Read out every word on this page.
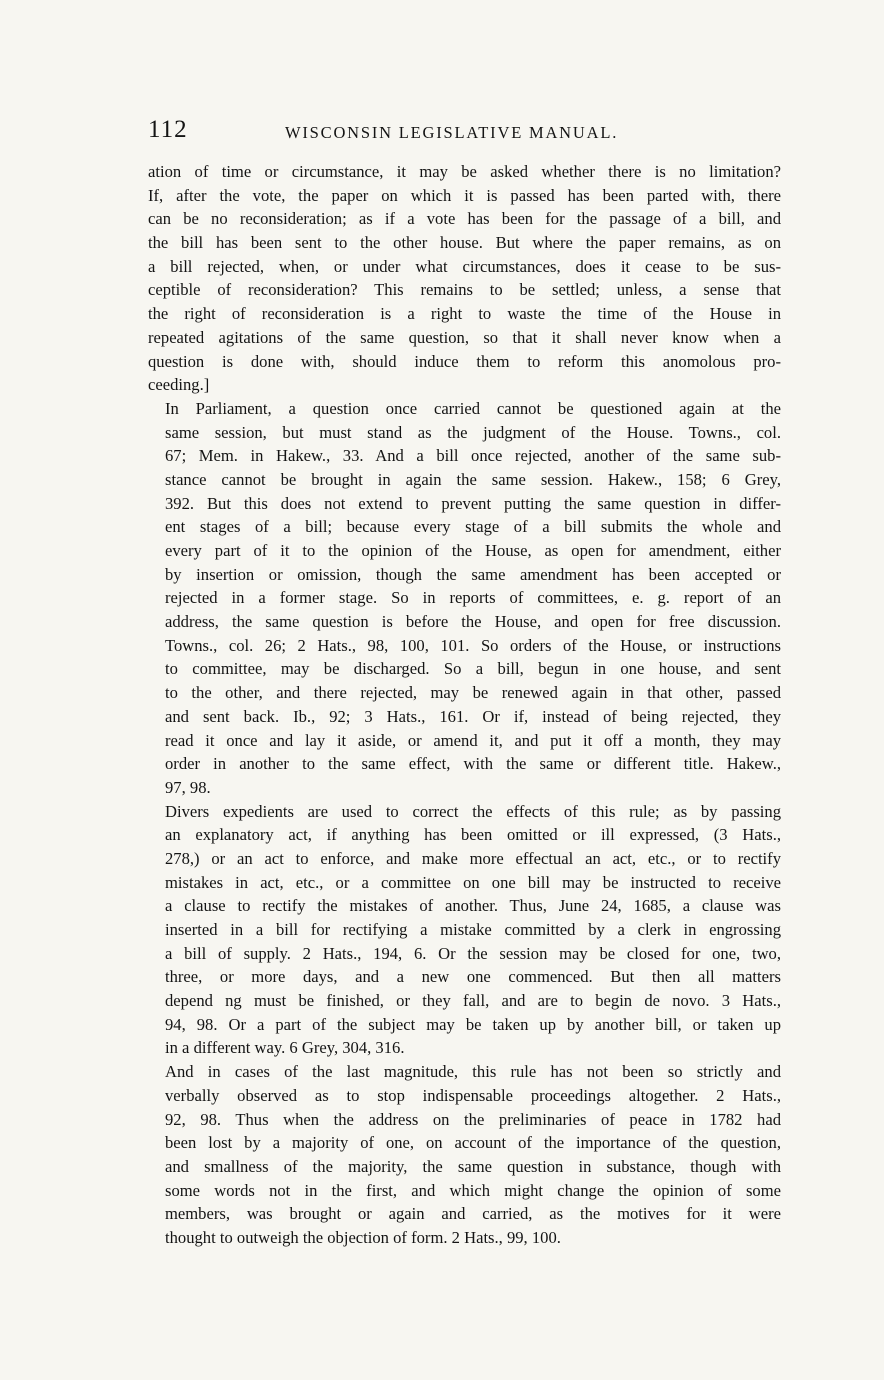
112	WISCONSIN LEGISLATIVE MANUAL.

ation of time or circumstance, it may be asked whether there is no limitation?
If, after the vote, the paper on which it is passed has been parted with, there
can be no reconsideration; as if a vote has been for the passage of a bill, and
the bill has been sent to the other house. But where the paper remains, as on
a bill rejected, when, or under what circumstances, does it cease to be sus-
ceptible of reconsideration? This remains to be settled; unless, a sense that
the right of reconsideration is a right to waste the time of the House in
repeated agitations of the same question, so that it shall never know when a
question is done with, should induce them to reform this anomolous pro-
ceeding.]

In Parliament, a question once carried cannot be questioned again at the
same session, but must stand as the judgment of the House. Towns., col.
67; Mem. in Hakew., 33. And a bill once rejected, another of the same sub-
stance cannot be brought in again the same session. Hakew., 158; 6 Grey,
392. But this does not extend to prevent putting the same question in differ-
ent stages of a bill; because every stage of a bill submits the whole and
every part of it to the opinion of the House, as open for amendment, either
by insertion or omission, though the same amendment has been accepted or
rejected in a former stage. So in reports of committees, e. g. report of an
address, the same question is before the House, and open for free discussion.
Towns., col. 26; 2 Hats., 98, 100, 101. So orders of the House, or instructions
to committee, may be discharged. So a bill, begun in one house, and sent
to the other, and there rejected, may be renewed again in that other, passed
and sent back. Ib., 92; 3 Hats., 161. Or if, instead of being rejected, they
read it once and lay it aside, or amend it, and put it off a month, they may
order in another to the same effect, with the same or different title. Hakew.,
97, 98.

Divers expedients are used to correct the effects of this rule; as by passing
an explanatory act, if anything has been omitted or ill expressed, (3 Hats.,
278,) or an act to enforce, and make more effectual an act, etc., or to rectify
mistakes in act, etc., or a committee on one bill may be instructed to receive
a clause to rectify the mistakes of another. Thus, June 24, 1685, a clause was
inserted in a bill for rectifying a mistake committed by a clerk in engrossing
a bill of supply. 2 Hats., 194, 6. Or the session may be closed for one, two,
three, or more days, and a new one commenced. But then all matters
depend ng must be finished, or they fall, and are to begin de novo. 3 Hats.,
94, 98. Or a part of the subject may be taken up by another bill, or taken up
in a different way. 6 Grey, 304, 316.

And in cases of the last magnitude, this rule has not been so strictly and
verbally observed as to stop indispensable proceedings altogether. 2 Hats.,
92, 98. Thus when the address on the preliminaries of peace in 1782 had
been lost by a majority of one, on account of the importance of the question,
and smallness of the majority, the same question in substance, though with
some words not in the first, and which might change the opinion of some
members, was brought or again and carried, as the motives for it were
thought to outweigh the objection of form. 2 Hats., 99, 100.
